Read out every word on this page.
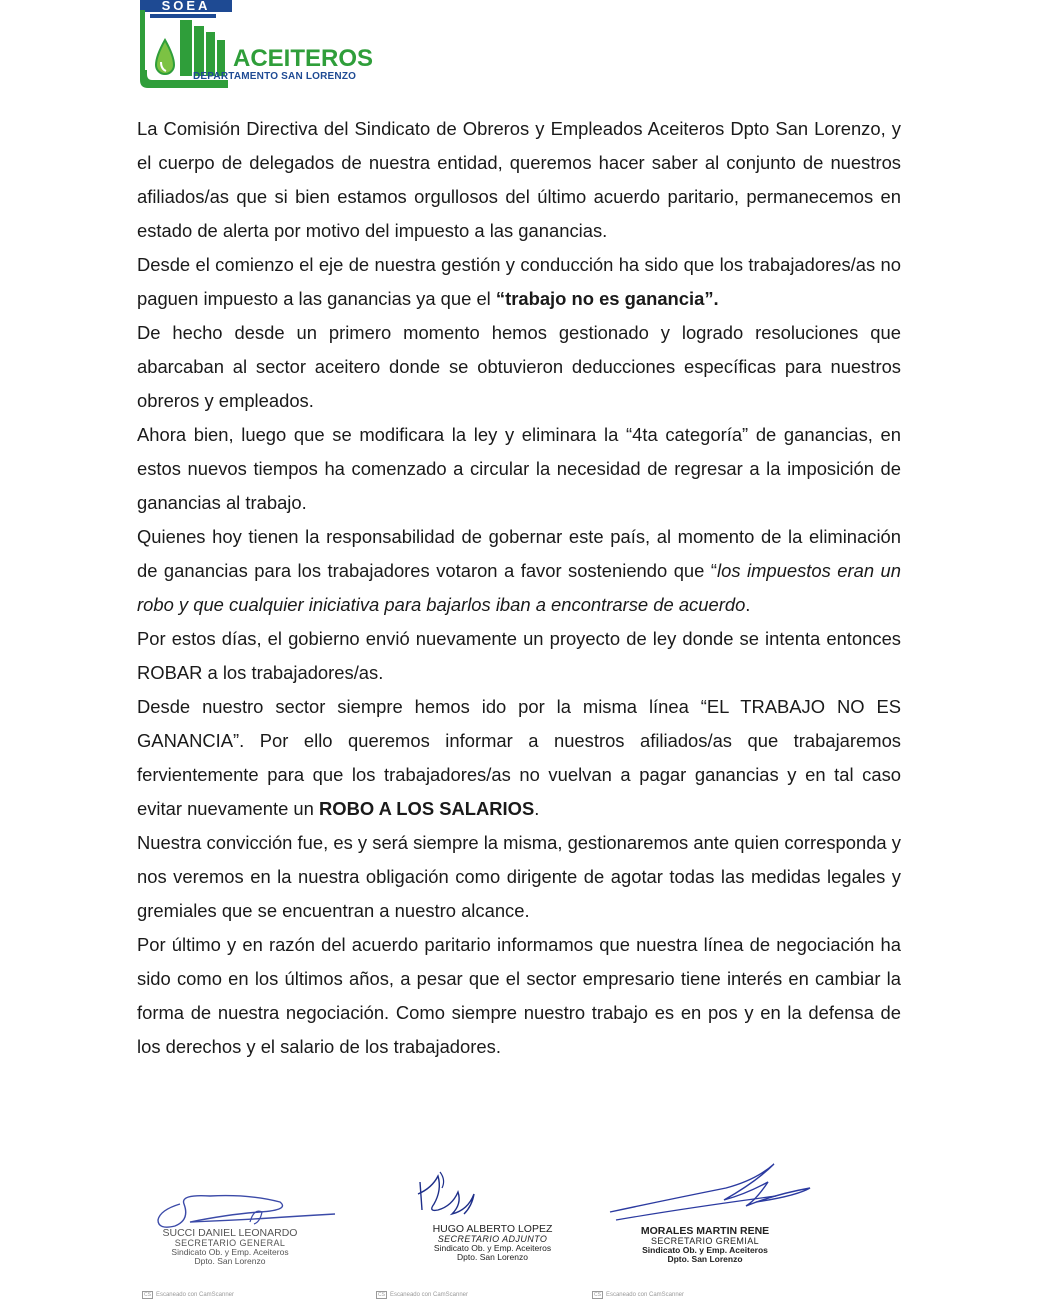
SOEA
ACEITEROS
DEPARTAMENTO SAN LORENZO

La Comisión Directiva del Sindicato de Obreros y Empleados Aceiteros Dpto San Lorenzo, y el cuerpo de delegados de nuestra entidad, queremos hacer saber al conjunto de nuestros afiliados/as que si bien estamos orgullosos del último acuerdo paritario, permanecemos en estado de alerta por motivo del impuesto a las ganancias.

Desde el comienzo el eje de nuestra gestión y conducción ha sido que los trabajadores/as no paguen impuesto a las ganancias ya que el “trabajo no es ganancia”.

De hecho desde un primero momento hemos gestionado y logrado resoluciones que abarcaban al sector aceitero donde se obtuvieron deducciones específicas para nuestros obreros y empleados.

Ahora bien, luego que se modificara la ley y eliminara la “4ta categoría” de ganancias, en estos nuevos tiempos ha comenzado a circular la necesidad de regresar a la imposición de ganancias al trabajo.

Quienes hoy tienen la responsabilidad de gobernar este país, al momento de la eliminación de ganancias para los trabajadores votaron a favor sosteniendo que “los impuestos eran un robo y que cualquier iniciativa para bajarlos iban a encontrarse de acuerdo.

Por estos días, el gobierno envió nuevamente un proyecto de ley donde se intenta entonces ROBAR a los trabajadores/as.

Desde nuestro sector siempre hemos ido por la misma línea “EL TRABAJO NO ES GANANCIA”. Por ello queremos informar a nuestros afiliados/as que trabajaremos fervientemente para que los trabajadores/as no vuelvan a pagar ganancias y en tal caso evitar nuevamente un ROBO A LOS SALARIOS.

Nuestra convicción fue, es y será siempre la misma, gestionaremos ante quien corresponda y nos veremos en la nuestra obligación como dirigente de agotar todas las medidas legales y gremiales que se encuentran a nuestro alcance.

Por último y en razón del acuerdo paritario informamos que nuestra línea de negociación ha sido como en los últimos años, a pesar que el sector empresario tiene interés en cambiar la forma de nuestra negociación. Como siempre nuestro trabajo es en pos y en la defensa de los derechos y el salario de los trabajadores.

SUCCI DANIEL LEONARDO
SECRETARIO GENERAL
Sindicato Ob. y Emp. Aceiteros
Dpto. San Lorenzo
HUGO ALBERTO LOPEZ
SECRETARIO ADJUNTO
Sindicato Ob. y Emp. Aceiteros
Dpto. San Lorenzo
MORALES MARTIN RENE
SECRETARIO GREMIAL
Sindicato Ob. y Emp. Aceiteros
Dpto. San Lorenzo
CS Escaneado con CamScanner	CS Escaneado con CamScanner	CS Escaneado con CamScanner
